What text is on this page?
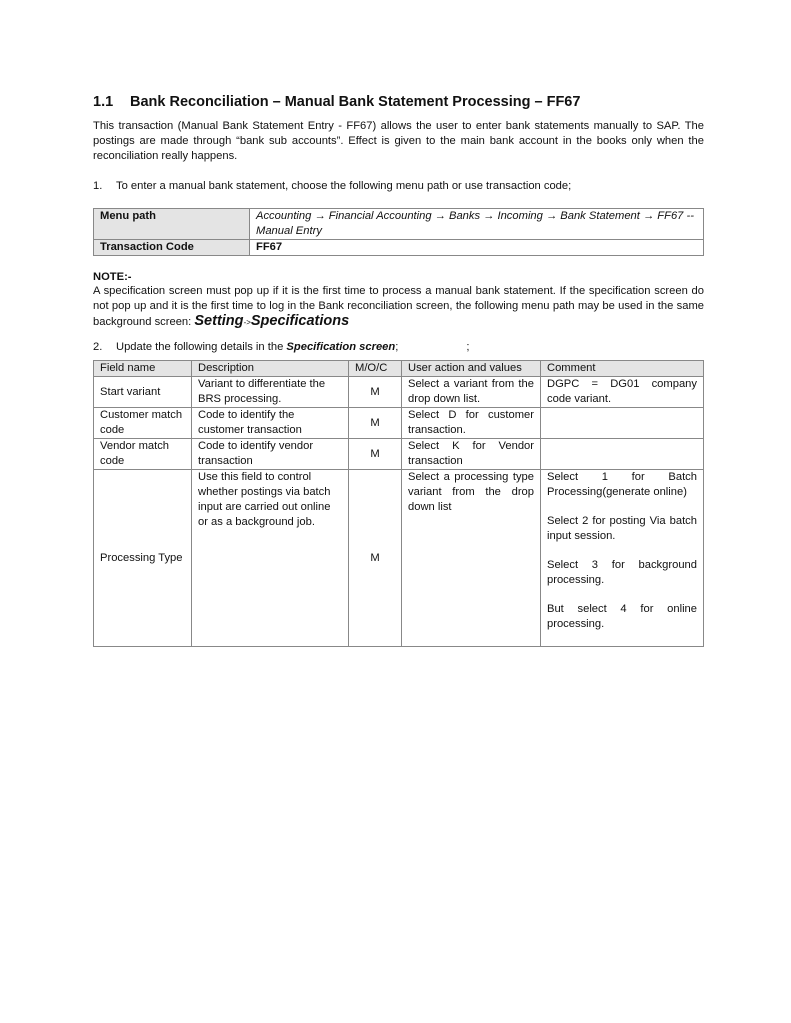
1.1 Bank Reconciliation – Manual Bank Statement Processing – FF67

This transaction (Manual Bank Statement Entry - FF67) allows the user to enter bank statements manually to SAP. The postings are made through “bank sub accounts”. Effect is given to the main bank account in the books only when the reconciliation really happens.

1. To enter a manual bank statement, choose the following menu path or use transaction code;

Menu path	Accounting → Financial Accounting → Banks → Incoming → Bank Statement → FF67 -- Manual Entry
Transaction Code	FF67
NOTE:-

A specification screen must pop up if it is the first time to process a manual bank statement. If the specification screen do not pop up and it is the first time to log in the Bank reconciliation screen, the following menu path may be used in the same background screen: Setting->Specifications

2. Update the following details in the Specification screen;	;

Field name	Description	M/O/C	User action and values	Comment
Start variant	Variant to differentiate the BRS processing.	M	Select a variant from the drop down list.	DGPC = DG01 company code variant.
Customer match code	Code to identify the customer transaction	M	Select D for customer transaction.	
Vendor match code	Code to identify vendor transaction	M	Select K for Vendor transaction	
Processing Type	Use this field to control whether postings via batch input are carried out online or as a background job.	M	Select a processing type variant from the drop down list	Select 1 for Batch Processing(generate online)
Select 2 for posting Via batch input session.
Select 3 for background processing.
But select 4 for online processing.
